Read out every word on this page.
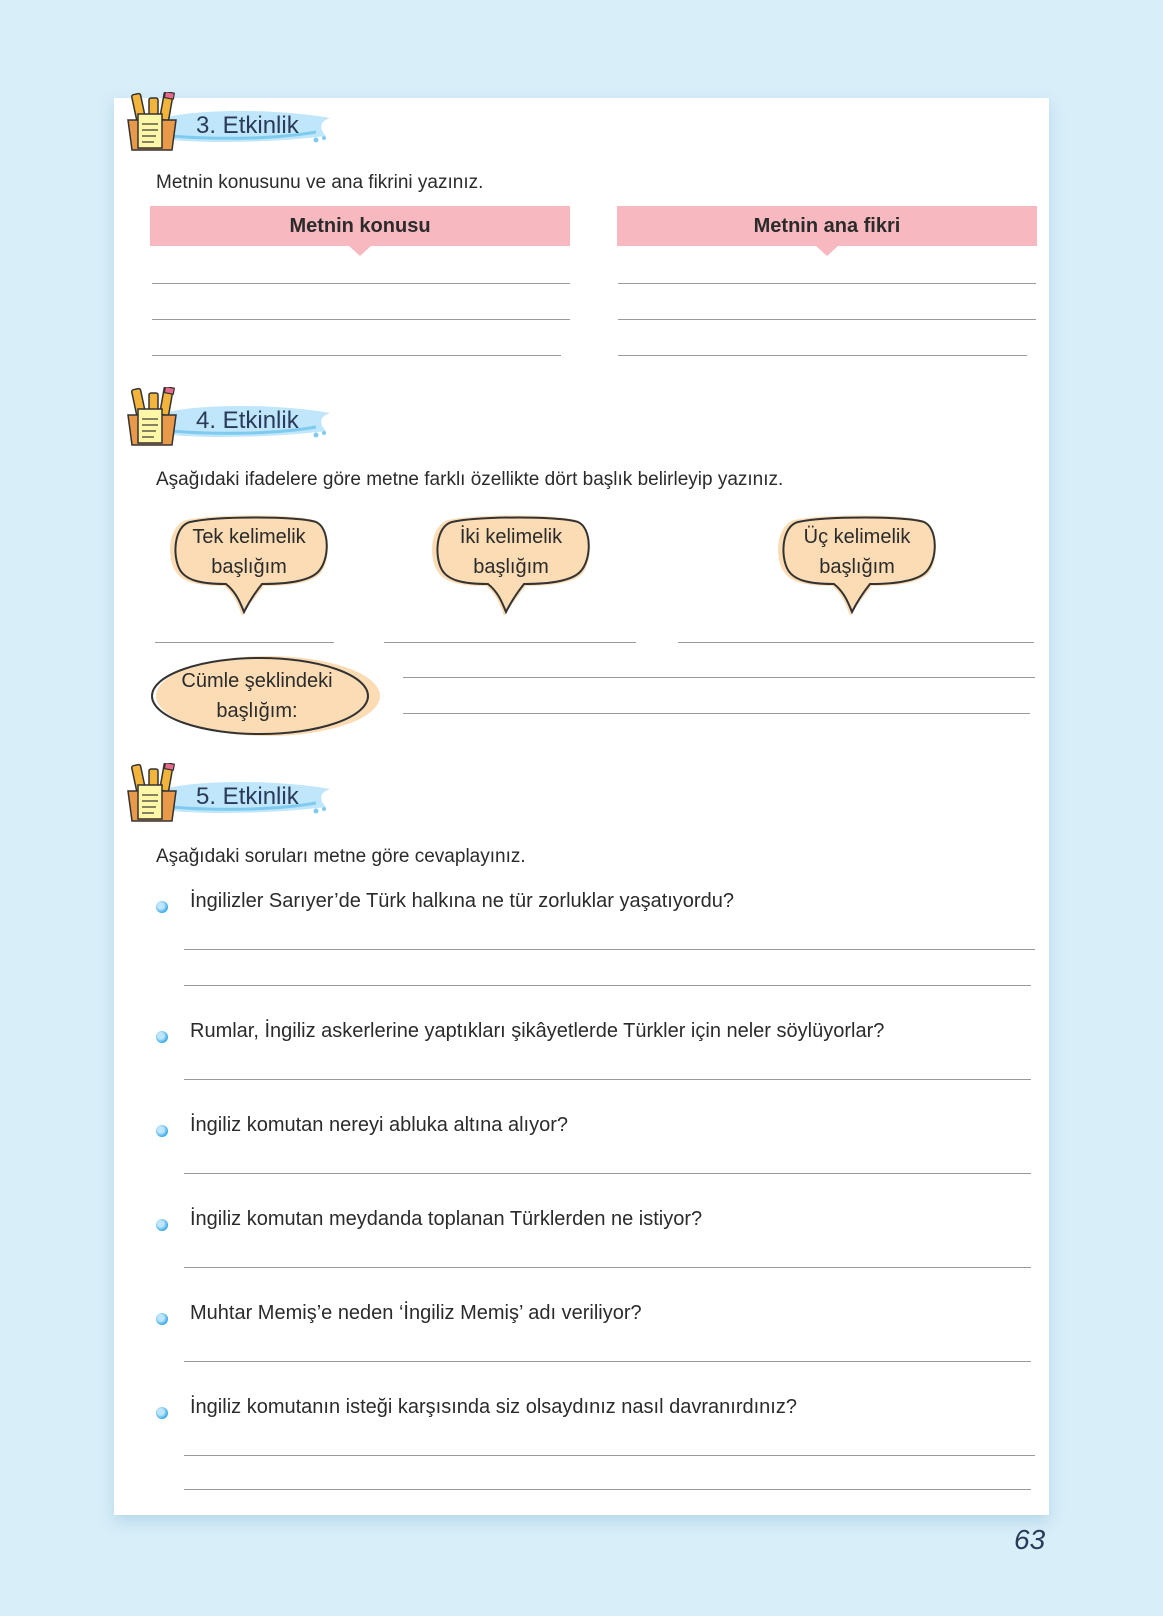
3. Etkinlik
Metnin konusunu ve ana fikrini yazınız.
Metnin konusu	Metnin ana fikri
4. Etkinlik
Aşağıdaki ifadelere göre metne farklı özellikte dört başlık belirleyip yazınız.
Tek kelimelik
başlığım
İki kelimelik
başlığım
Üç kelimelik
başlığım
Cümle şeklindeki
başlığım:
5. Etkinlik
Aşağıdaki soruları metne göre cevaplayınız.
İngilizler Sarıyer’de Türk halkına ne tür zorluklar yaşatıyordu?
Rumlar, İngiliz askerlerine yaptıkları şikâyetlerde Türkler için neler söylüyorlar?
İngiliz komutan nereyi abluka altına alıyor?
İngiliz komutan meydanda toplanan Türklerden ne istiyor?
Muhtar Memiş’e neden ‘İngiliz Memiş’ adı veriliyor?
İngiliz komutanın isteği karşısında siz olsaydınız nasıl davranırdınız?
63
